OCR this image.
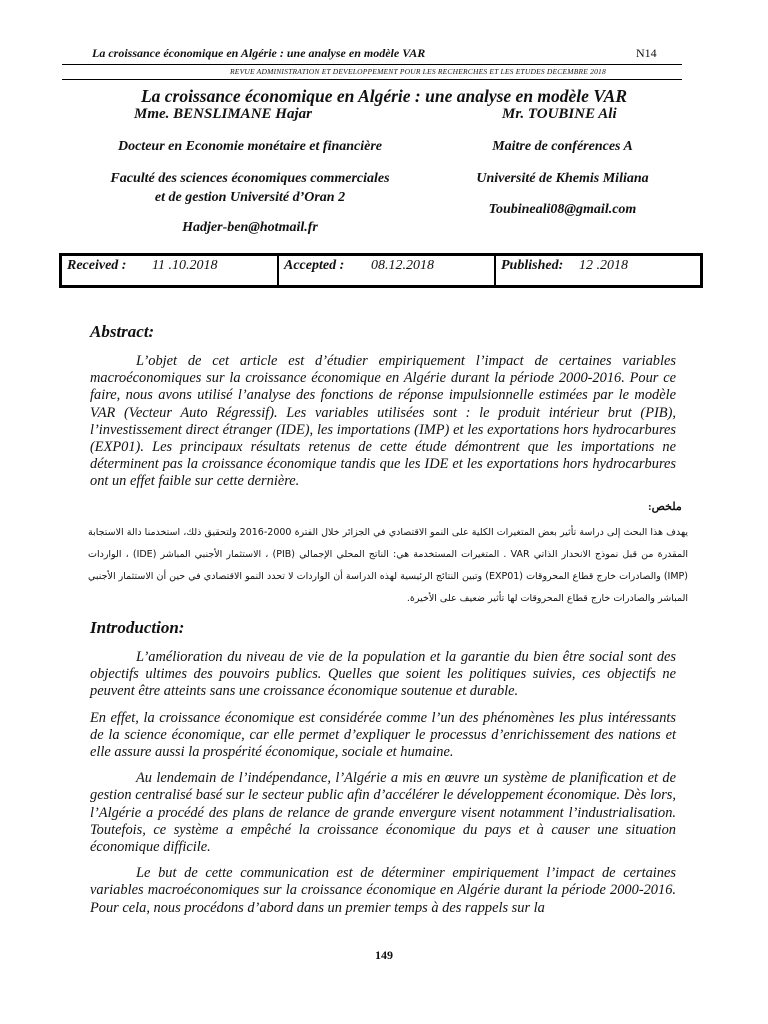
La croissance économique en Algérie : une analyse en modèle VAR	N14
REVUE ADMINISTRATION ET DEVELOPPEMENT POUR LES RECHERCHES ET LES ETUDES DECEMBRE 2018
La croissance économique en Algérie : une analyse en modèle VAR
Mme. BENSLIMANE Hajar	Mr. TOUBINE Ali
Docteur en Economie monétaire et financière	Maitre de conférences A
Faculté des sciences économiques commerciales
et de gestion Université d’Oran 2
Université de Khemis Miliana
Hadjer-ben@hotmail.fr
Toubineali08@gmail.com
Received : 11 .10.2018	Accepted : 08.12.2018	Published: 12 .2018
Abstract:

L’objet de cet article est d’étudier empiriquement l’impact de certaines variables macroéconomiques sur la croissance économique en Algérie durant la période 2000-2016. Pour ce faire, nous avons utilisé l’analyse des fonctions de réponse impulsionnelle estimées par le modèle VAR (Vecteur Auto Régressif). Les variables utilisées sont : le produit intérieur brut (PIB), l’investissement direct étranger (IDE), les importations (IMP) et les exportations hors hydrocarbures (EXP01). Les principaux résultats retenus de cette étude démontrent que les importations ne déterminent pas la croissance économique tandis que les IDE et les exportations hors hydrocarbures ont un effet faible sur cette dernière.

ملخص:
يهدف هذا البحث إلى دراسة تأثير بعض المتغيرات الكلية على النمو الاقتصادي في الجزائر خلال الفترة 2000-2016 ولتحقيق ذلك، استخدمنا دالة الاستجابة المقدرة من قبل نموذج الانحدار الذاتي VAR . المتغيرات المستخدمة هي: الناتج المحلي الإجمالي (PIB) ، الاستثمار الأجنبي المباشر (IDE) ، الواردات (IMP) والصادرات خارج قطاع المحروقات (EXP01) وتبين النتائج الرئيسية لهذه الدراسة أن الواردات لا تحدد النمو الاقتصادي في حين أن الاستثمار الأجنبي المباشر والصادرات خارج قطاع المحروقات لها تأثير ضعيف على الأخيرة.
Introduction:

L’amélioration du niveau de vie de la population et la garantie du bien être social sont des objectifs ultimes des pouvoirs publics. Quelles que soient les politiques suivies, ces objectifs ne peuvent être atteints sans une croissance économique soutenue et durable.

En effet, la croissance économique est considérée comme l’un des phénomènes les plus intéressants de la science économique, car elle permet d’expliquer le processus d’enrichissement des nations et elle assure aussi la prospérité économique, sociale et humaine.

Au lendemain de l’indépendance, l’Algérie a mis en œuvre un système de planification et de gestion centralisé basé sur le secteur public afin d’accélérer le développement économique. Dès lors, l’Algérie a procédé des plans de relance de grande envergure visent notamment l’industrialisation. Toutefois, ce système a empêché la croissance économique du pays et à causer une situation économique difficile.

Le but de cette communication est de déterminer empiriquement l’impact de certaines variables macroéconomiques sur la croissance économique en Algérie durant la période 2000-2016. Pour cela, nous procédons d’abord dans un premier temps à des rappels sur la

149
